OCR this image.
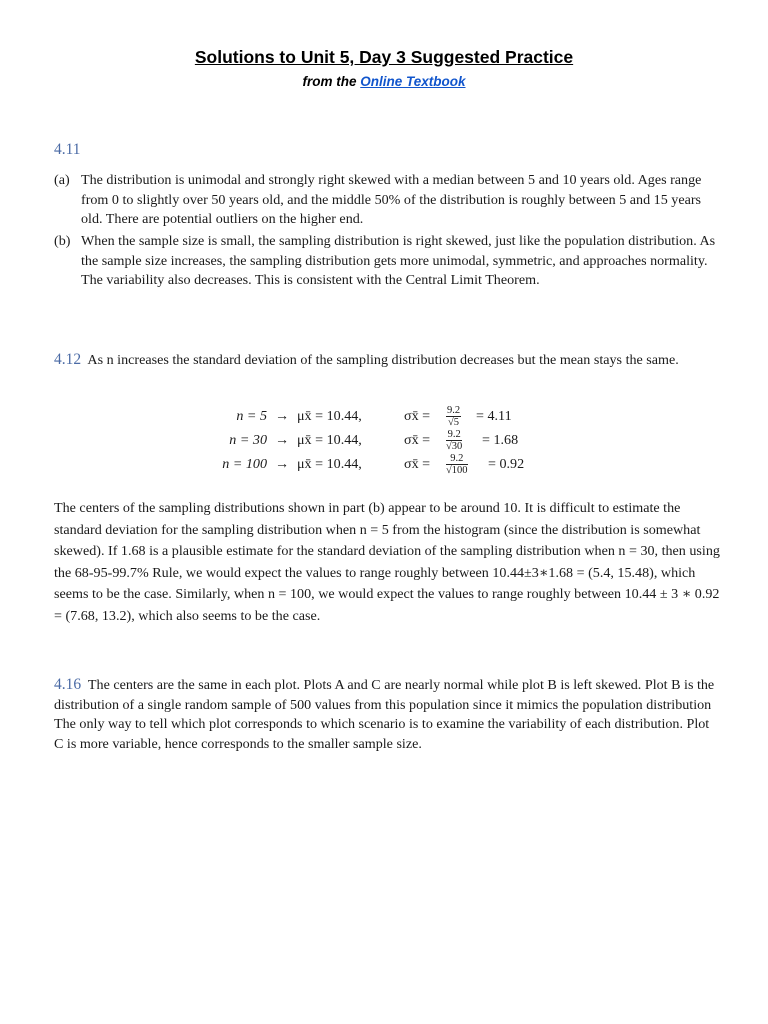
Solutions to Unit 5, Day 3 Suggested Practice
from the Online Textbook
4.11
(a) The distribution is unimodal and strongly right skewed with a median between 5 and 10 years old. Ages range from 0 to slightly over 50 years old, and the middle 50% of the distribution is roughly between 5 and 15 years old. There are potential outliers on the higher end.
(b) When the sample size is small, the sampling distribution is right skewed, just like the population distribution. As the sample size increases, the sampling distribution gets more unimodal, symmetric, and approaches normality. The variability also decreases. This is consistent with the Central Limit Theorem.
4.12 As n increases the standard deviation of the sampling distribution decreases but the mean stays the same.
n = 5 → μx̄ = 10.44,	σx̄ = $\frac{9.2}{√5} = 4.11$
n = 30 → μx̄ = 10.44,	σx̄ = $\frac{9.2}{√30} = 1.68$
n = 100 → μx̄ = 10.44,	σx̄ = $\frac{9.2}{√100} = 0.92$
The centers of the sampling distributions shown in part (b) appear to be around 10. It is difficult to estimate the standard deviation for the sampling distribution when n = 5 from the histogram (since the distribution is somewhat skewed). If 1.68 is a plausible estimate for the standard deviation of the sampling distribution when n = 30, then using the 68-95-99.7% Rule, we would expect the values to range roughly between 10.44±3∗1.68 = (5.4, 15.48), which seems to be the case. Similarly, when n = 100, we would expect the values to range roughly between 10.44 ± 3 ∗ 0.92 = (7.68, 13.2), which also seems to be the case.
4.16 The centers are the same in each plot. Plots A and C are nearly normal while plot B is left skewed. Plot B is the distribution of a single random sample of 500 values from this population since it mimics the population distribution The only way to tell which plot corresponds to which scenario is to examine the variability of each distribution. Plot C is more variable, hence corresponds to the smaller sample size.
